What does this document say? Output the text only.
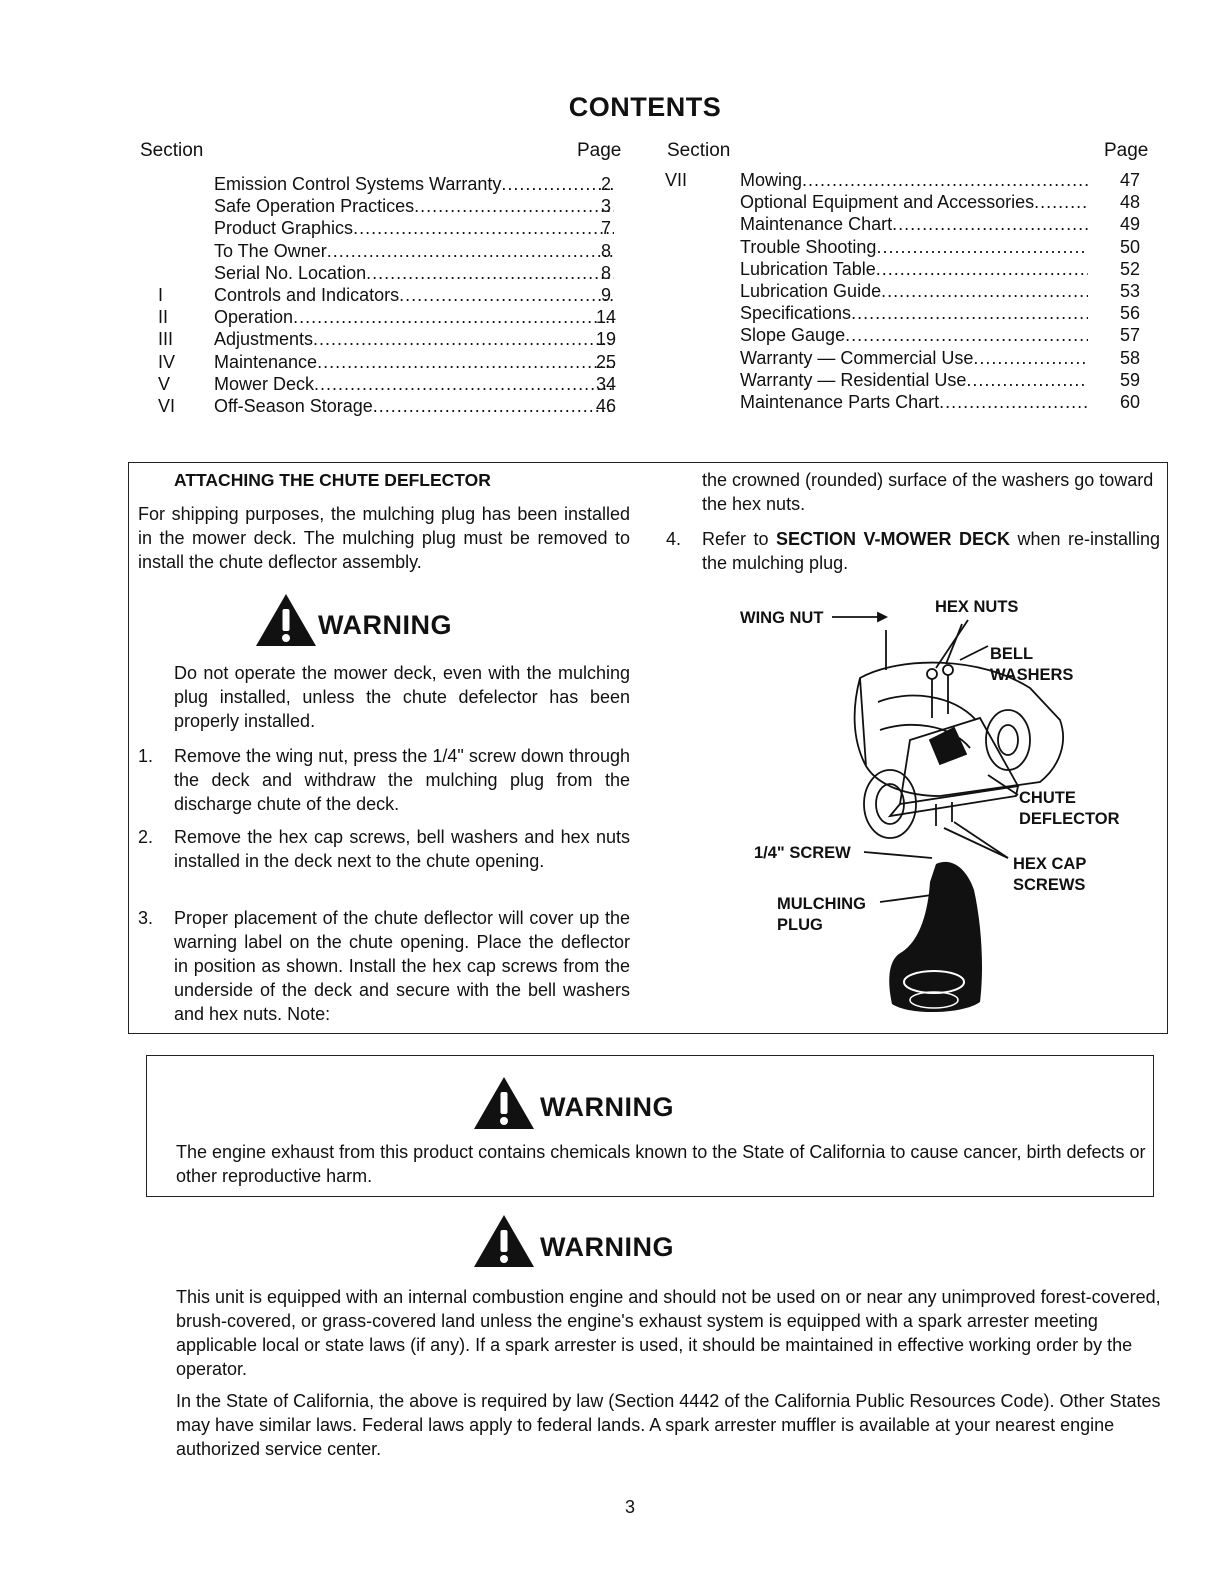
CONTENTS
Section	Page Section	Page
Emission Control Systems Warranty .....	2
Safe Operation Practices .....	3
Product Graphics .....	7
To The Owner .....	8
Serial No. Location .....	8
I	Controls and Indicators .....	9
II	Operation .....	14
III	Adjustments .....	19
IV	Maintenance .....	25
V	Mower Deck .....	34
VI	Off-Season Storage .....	46
VII	Mowing .....	47
Optional Equipment and Accessories .....	48
Maintenance Chart .....	49
Trouble Shooting .....	50
Lubrication Table .....	52
Lubrication Guide .....	53
Specifications .....	56
Slope Gauge .....	57
Warranty — Commercial Use .....	58
Warranty — Residential Use .....	59
Maintenance Parts Chart .....	60
ATTACHING THE CHUTE DEFLECTOR
For shipping purposes, the mulching plug has been installed in the mower deck. The mulching plug must be removed to install the chute deflector assembly.
WARNING
Do not operate the mower deck, even with the mulching plug installed, unless the chute defelector has been properly installed.
1. Remove the wing nut, press the 1/4" screw down through the deck and withdraw the mulching plug from the discharge chute of the deck.
2. Remove the hex cap screws, bell washers and hex nuts installed in the deck next to the chute opening.
3. Proper placement of the chute deflector will cover up the warning label on the chute opening. Place the deflector in position as shown. Install the hex cap screws from the underside of the deck and secure with the bell washers and hex nuts. Note:
the crowned (rounded) surface of the washers go toward the hex nuts.
4. Refer to SECTION V-MOWER DECK when re-installing the mulching plug.
WING NUT
HEX NUTS
BELL
WASHERS
CHUTE
DEFLECTOR
1/4" SCREW
HEX CAP
SCREWS
MULCHING
PLUG
WARNING
The engine exhaust from this product contains chemicals known to the State of California to cause cancer, birth defects or other reproductive harm.
WARNING
This unit is equipped with an internal combustion engine and should not be used on or near any unimproved forest-covered, brush-covered, or grass-covered land unless the engine's exhaust system is equipped with a spark arrester meeting applicable local or state laws (if any). If a spark arrester is used, it should be maintained in effective working order by the operator.
In the State of California, the above is required by law (Section 4442 of the California Public Resources Code). Other States may have similar laws. Federal laws apply to federal lands. A spark arrester muffler is available at your nearest engine authorized service center.
3
